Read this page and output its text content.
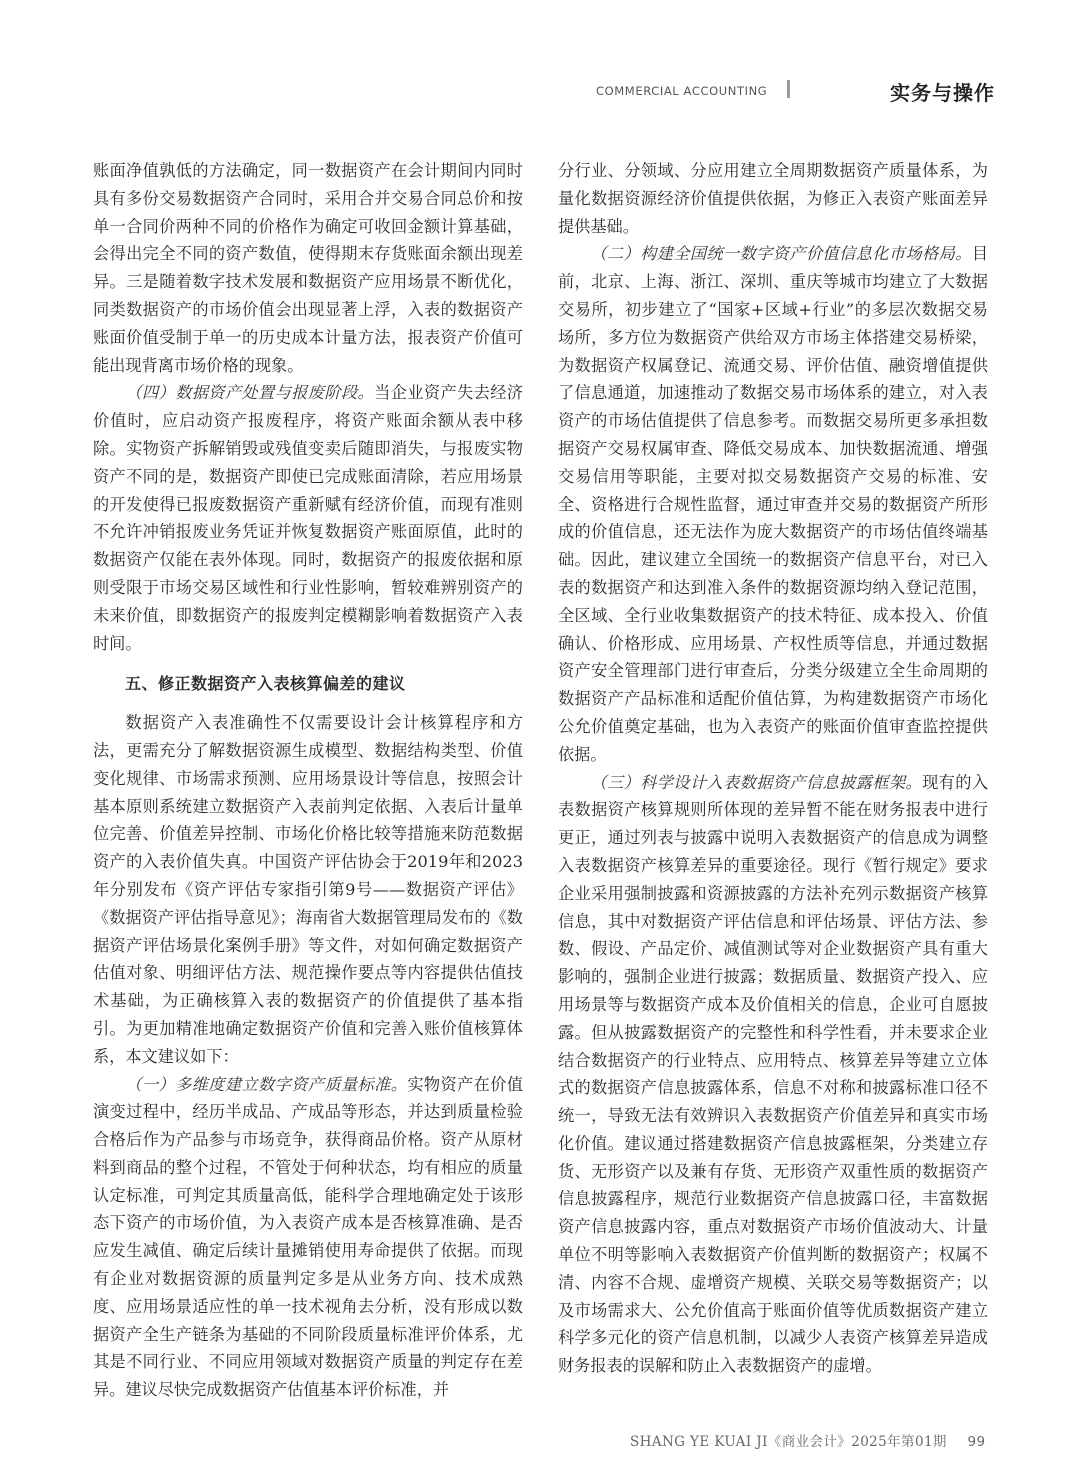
COMMERCIAL ACCOUNTING	实务与操作

账面净值孰低的方法确定，同一数据资产在会计期间内同时具有多份交易数据资产合同时，采用合并交易合同总价和按单一合同价两种不同的价格作为确定可收回金额计算基础，会得出完全不同的资产数值，使得期末存货账面余额出现差异。三是随着数字技术发展和数据资产应用场景不断优化，同类数据资产的市场价值会出现显著上浮，入表的数据资产账面价值受制于单一的历史成本计量方法，报表资产价值可能出现背离市场价格的现象。

（四）数据资产处置与报废阶段。当企业资产失去经济价值时，应启动资产报废程序，将资产账面余额从表中移除。实物资产拆解销毁或残值变卖后随即消失，与报废实物资产不同的是，数据资产即使已完成账面清除，若应用场景的开发使得已报废数据资产重新赋有经济价值，而现有准则不允许冲销报废业务凭证并恢复数据资产账面原值，此时的数据资产仅能在表外体现。同时，数据资产的报废依据和原则受限于市场交易区域性和行业性影响，暂较难辨别资产的未来价值，即数据资产的报废判定模糊影响着数据资产入表时间。

五、修正数据资产入表核算偏差的建议

数据资产入表准确性不仅需要设计会计核算程序和方法，更需充分了解数据资源生成模型、数据结构类型、价值变化规律、市场需求预测、应用场景设计等信息，按照会计基本原则系统建立数据资产入表前判定依据、入表后计量单位完善、价值差异控制、市场化价格比较等措施来防范数据资产的入表价值失真。中国资产评估协会于2019年和2023年分别发布《资产评估专家指引第9号——数据资产评估》《数据资产评估指导意见》；海南省大数据管理局发布的《数据资产评估场景化案例手册》等文件，对如何确定数据资产估值对象、明细评估方法、规范操作要点等内容提供估值技术基础，为正确核算入表的数据资产的价值提供了基本指引。为更加精准地确定数据资产价值和完善入账价值核算体系，本文建议如下：

（一）多维度建立数字资产质量标准。实物资产在价值演变过程中，经历半成品、产成品等形态，并达到质量检验合格后作为产品参与市场竞争，获得商品价格。资产从原材料到商品的整个过程，不管处于何种状态，均有相应的质量认定标准，可判定其质量高低，能科学合理地确定处于该形态下资产的市场价值，为入表资产成本是否核算准确、是否应发生减值、确定后续计量摊销使用寿命提供了依据。而现有企业对数据资源的质量判定多是从业务方向、技术成熟度、应用场景适应性的单一技术视角去分析，没有形成以数据资产全生产链条为基础的不同阶段质量标准评价体系，尤其是不同行业、不同应用领域对数据资产质量的判定存在差异。建议尽快完成数据资产估值基本评价标准，并

分行业、分领域、分应用建立全周期数据资产质量体系，为量化数据资源经济价值提供依据，为修正入表资产账面差异提供基础。

（二）构建全国统一数字资产价值信息化市场格局。目前，北京、上海、浙江、深圳、重庆等城市均建立了大数据交易所，初步建立了“国家+区域+行业”的多层次数据交易场所，多方位为数据资产供给双方市场主体搭建交易桥梁，为数据资产权属登记、流通交易、评价估值、融资增值提供了信息通道，加速推动了数据交易市场体系的建立，对入表资产的市场估值提供了信息参考。而数据交易所更多承担数据资产交易权属审查、降低交易成本、加快数据流通、增强交易信用等职能，主要对拟交易数据资产交易的标准、安全、资格进行合规性监督，通过审查并交易的数据资产所形成的价值信息，还无法作为庞大数据资产的市场估值终端基础。因此，建议建立全国统一的数据资产信息平台，对已入表的数据资产和达到准入条件的数据资源均纳入登记范围，全区域、全行业收集数据资产的技术特征、成本投入、价值确认、价格形成、应用场景、产权性质等信息，并通过数据资产安全管理部门进行审查后，分类分级建立全生命周期的数据资产产品标准和适配价值估算，为构建数据资产市场化公允价值奠定基础，也为入表资产的账面价值审查监控提供依据。

（三）科学设计入表数据资产信息披露框架。现有的入表数据资产核算规则所体现的差异暂不能在财务报表中进行更正，通过列表与披露中说明入表数据资产的信息成为调整入表数据资产核算差异的重要途径。现行《暂行规定》要求企业采用强制披露和资源披露的方法补充列示数据资产核算信息，其中对数据资产评估信息和评估场景、评估方法、参数、假设、产品定价、减值测试等对企业数据资产具有重大影响的，强制企业进行披露；数据质量、数据资产投入、应用场景等与数据资产成本及价值相关的信息，企业可自愿披露。但从披露数据资产的完整性和科学性看，并未要求企业结合数据资产的行业特点、应用特点、核算差异等建立立体式的数据资产信息披露体系，信息不对称和披露标准口径不统一，导致无法有效辨识入表数据资产价值差异和真实市场化价值。建议通过搭建数据资产信息披露框架，分类建立存货、无形资产以及兼有存货、无形资产双重性质的数据资产信息披露程序，规范行业数据资产信息披露口径，丰富数据资产信息披露内容，重点对数据资产市场价值波动大、计量单位不明等影响入表数据资产价值判断的数据资产；权属不清、内容不合规、虚增资产规模、关联交易等数据资产；以及市场需求大、公允价值高于账面价值等优质数据资产建立科学多元化的资产信息机制，以减少人表资产核算差异造成财务报表的误解和防止入表数据资产的虚增。

SHANG YE KUAI JI《商业会计》2025年第01期 99
